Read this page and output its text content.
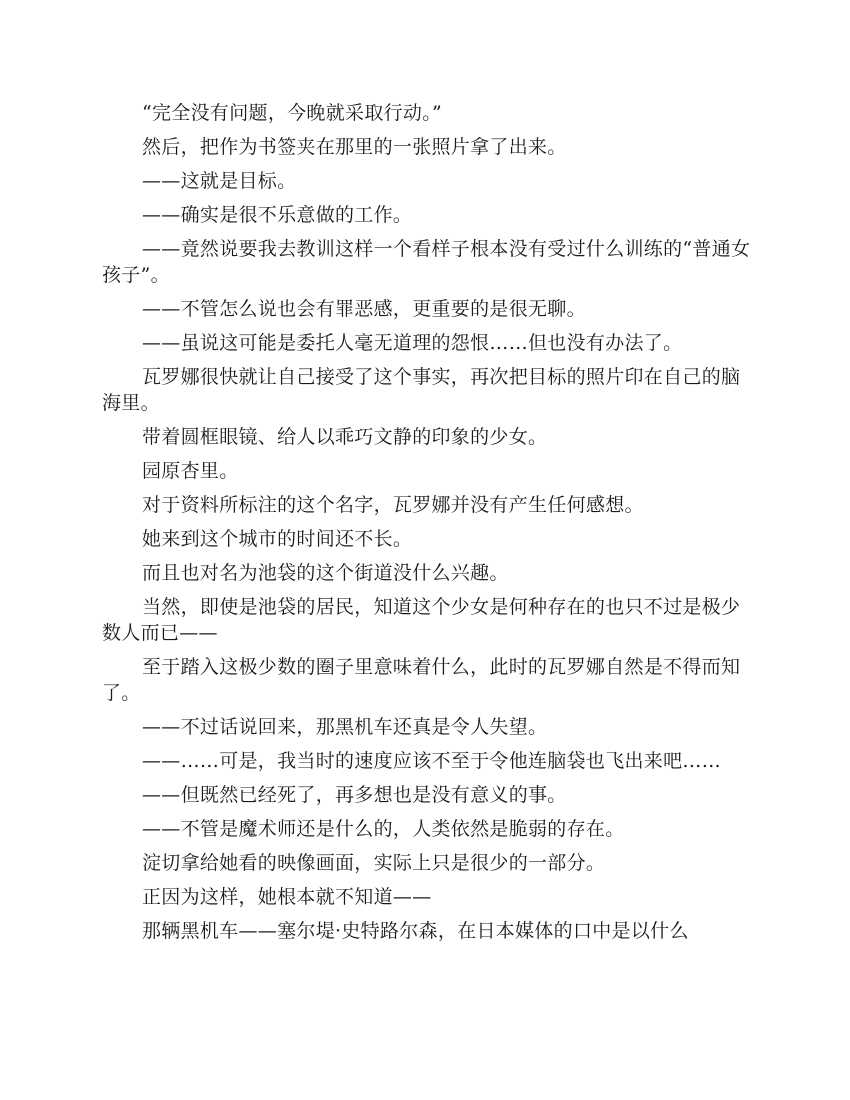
“完全没有问题，今晚就采取行动。”

然后，把作为书签夹在那里的一张照片拿了出来。

——这就是目标。

——确实是很不乐意做的工作。

——竟然说要我去教训这样一个看样子根本没有受过什么训练的“普通女孩子”。

——不管怎么说也会有罪恶感，更重要的是很无聊。

——虽说这可能是委托人毫无道理的怨恨……但也没有办法了。

瓦罗娜很快就让自己接受了这个事实，再次把目标的照片印在自己的脑海里。

带着圆框眼镜、给人以乖巧文静的印象的少女。

园原杏里。

对于资料所标注的这个名字，瓦罗娜并没有产生任何感想。

她来到这个城市的时间还不长。

而且也对名为池袋的这个街道没什么兴趣。

当然，即使是池袋的居民，知道这个少女是何种存在的也只不过是极少数人而已——

至于踏入这极少数的圈子里意味着什么，此时的瓦罗娜自然是不得而知了。

——不过话说回来，那黑机车还真是令人失望。

——……可是，我当时的速度应该不至于令他连脑袋也飞出来吧……

——但既然已经死了，再多想也是没有意义的事。

——不管是魔术师还是什么的，人类依然是脆弱的存在。

淀切拿给她看的映像画面，实际上只是很少的一部分。

正因为这样，她根本就不知道——

那辆黑机车——塞尔堤·史特路尔森，在日本媒体的口中是以什么
